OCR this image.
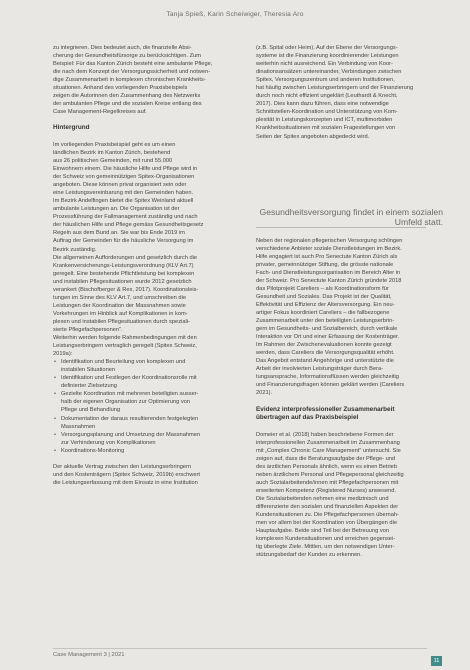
Tanja Spieß, Karin Scheiwiger, Theresia Aro
zu integrieren. Dies bedeutet auch, die finanzielle Absi-
cherung der Gesundheitsfürsorge zu berücksichtigen. Zum
Beispiel: Für das Kanton Zürich besteht eine ambulante Pflege,
die nach dem Konzept der Versorgungssicherheit und notwen-
dige Zusammenarbeit in komplexen chronischen Krankheits-
situationen. Anhand des vorliegenden Praxisbeispiels
zeigen die Autorinnen den Zusammenhang des Netzwerks
der ambulanten Pflege und die sozialen Kreise entlang des
Case Management-Regelkreises auf.
Hintergrund
Im vorliegenden Praxisbeispiel geht es um einen
ländlichen Bezirk im Kanton Zürich, bestehend
aus 26 politischen Gemeinden, mit rund 55.000
Einwohnern einem. Die häusliche Hilfe und Pflege wird in
der Schweiz von gemeinnützigen Spitex-Organisationen
angeboten. Diese können privat organisiert sein oder
eine Leistungsvereinbarung mit den Gemeinden haben.
Im Bezirk Andelfingen bietet die Spitex Weinland aktuell
ambulante Leistungen an. Die Organisation ist der
Prozessführung der Fallmanagement zuständig und nach
der häuslichen Hilfe und Pflege gemäss Gesundheitsgesetz
Regeln aus dem Bund an. Sie war bis Ende 2019 im
Auftrag der Gemeinden für die häusliche Versorgung im
Bezirk zuständig.
Die allgemeinen Aufforderungen und gesetzlich durch die
Krankenversicherungs-Leistungsverordnung (KLV Art.7)
geregelt. Eine bestehende Pflichtleistung bei komplexen
und instabilen Pflegesituationen wurde 2012 gesetzlich
verankert (Bischofberger & Rex, 2017). Koordinationsleis-
tungen im Sinne des KLV Art.7, und umschreiben die
Leistungen der Koordination der Massnahmen sowie
Vorkehrungen im Hinblick auf Komplikationen in kom-
plexen und instabilen Pflegesituationen durch speziali-
sierte Pflegefachpersonen“.
Weiterhin werden folgende Rahmenbedingungen mit den
Leistungserbringern vertraglich geregelt (Spitex Schweiz,
2019a):
• Identifikation und Beurteilung von komplexen und
instabilen Situationen
• Identifikation und Festlegen der Koordinationsrolle mit
definierter Zielsetzung
• Gezielte Koordination mit mehreren beteiligten ausser-
halb der eigenen Organisation zur Optimierung von
Pflege und Behandlung
• Dokumentation der daraus resultierenden festgelegten
Massnahmen
• Versorgungsplanung und Umsetzung der Massnahmen
zur Verhinderung von Komplikationen
• Koordinations-Monitoring
Der aktuelle Vertrag zwischen den Leistungserbringern
und den Kostenträgern (Spitex Schweiz, 2019b) erschwert
die Leistungserfassung mit dem Einsatz in eine Institution
Gesundheitsversorgung findet in einem sozialen
Umfeld statt.
(z.B. Spital oder Heim). Auf der Ebene der Versorgungs-
systeme ist die Finanzierung koordinierender Leistungen
weiterhin nicht ausreichend. Ein Verbindung von Koor-
dinationsansätzen untereinander, Verbindungen zwischen
Spitex, Versorgungszentrum und anderen Institutionen,
hat häufig zwischen Leistungserbringern und der Finanzierung
durch noch nicht effizient ungeklärt (Leuthardt & Knecht,
2017). Dies kann dazu führen, dass eine notwendige
Schnittstellen-Koordination und Unterstützung von Kom-
plexität in Leistungskonzepten und ICT, multimorbiden
Krankheitssituationen mit sozialen Fragestellungen von
Seiten der Spitex angeboten abgedeckt wird.
Neben der regionalen pflegerischen Versorgung schlingen
verschiedene Anbieter soziale Dienstleistungen im Bezirk.
Hilfe engagiert ist auch Pro Senectute Kanton Zürich als
privater, gemeinnütziger Stiftung, die grösste nationale
Fach- und Dienstleistungsorganisation im Bereich Alter in
der Schweiz. Pro Senectute Kanton Zürich gründete 2018
das Pilotprojekt Careliers – als Koordinationsform für
Gesundheit und Soziales. Das Projekt ist der Qualität,
Effektivität und Effizienz der Altersversorgung. Ein neu-
artiger Fokus koordiniert Careliers – die fallbezogene
Zusammenarbeit unter den beteiligten Leistungserbrin-
gern im Gesundheits- und Sozialbereich, durch vertikale
Interaktion vor Ort und einer Erfassung der Kostenträger.
Im Rahmen der Zwischenevaluationen konnte gezeigt
werden, dass Careliers die Versorgungsqualität erhöht.
Das Angebot entstand Angehörige und unterstützte die
Arbeit der involvierten Leistungsträger durch Bera-
tungsansprache, Informationsflüssen werden gleichzeitig
und Finanzierungsfragen können geklärt werden (Careliers
2021).
Evidenz interprofessioneller Zusammenarbeit
übertragen auf das Praxisbeispiel
Domeier et al. (2018) haben beschriebene Formen der
interprofessionellen Zusammenarbeit im Zusammenhang
mit „Complex Chronic Care Management“ untersucht. Sie
zeigen auf, dass die Beratungsaufgabe der Pflege- und
des ärztlichen Personals ähnlich, wenn es einen Betrieb
neben ärztlichem Personal und Pflegepersonal gleichzeitig
auch Sozialarbeitende/innen mit Pflegefachpersonen mit
erweiterten Kompetenz (Registered Nurses) anwesend.
Die Sozialarbeitenden nehmen eine medizinisch und
differenzierte den sozialen und finanziellen Aspekten der
Kundensituationen zu. Die Pflegefachpersonen übernah-
men vor allem bei der Koordination von Übergängen die
Hauptaufgabe. Beide sind Teil bei der Betreuung von
komplexen Kundensituationen und erreichen gegensei-
tig überlegte Ziele. Mittlen, um den notwendigen Unter-
stützungsbedarf der Kunden zu erkennen.
Case Management 3 | 2021
11
